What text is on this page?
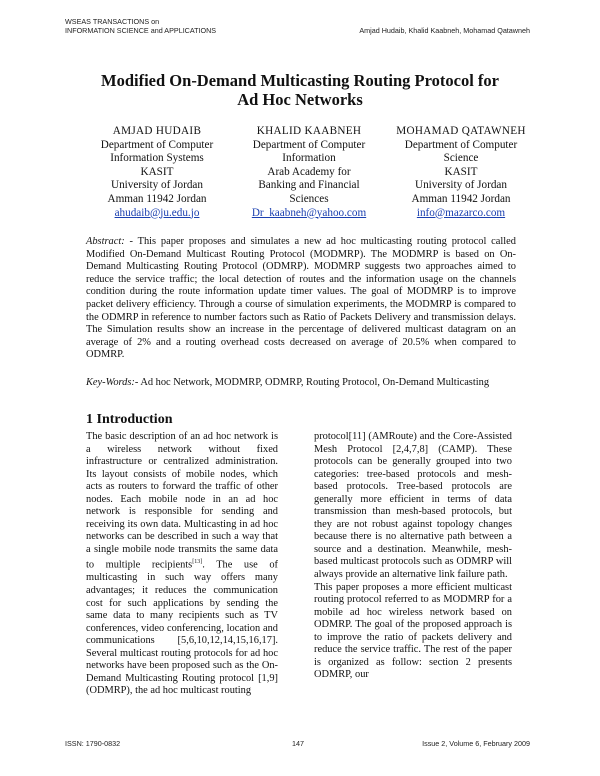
WSEAS TRANSACTIONS on
INFORMATION SCIENCE and APPLICATIONS	Amjad Hudaib, Khalid Kaabneh, Mohamad Qatawneh
Modified On-Demand Multicasting Routing Protocol for
Ad Hoc Networks
AMJAD HUDAIB
Department of Computer
Information Systems
KASIT
University of Jordan
Amman 11942 Jordan
ahudaib@ju.edu.jo
KHALID KAABNEH
Department of Computer
Information
Arab Academy for
Banking and Financial
Sciences
Dr_kaabneh@yahoo.com
MOHAMAD QATAWNEH
Department of Computer
Science
KASIT
University of Jordan
Amman 11942 Jordan
info@mazarco.com
Abstract: - This paper proposes and simulates a new ad hoc multicasting routing protocol called Modified On-Demand Multicast Routing Protocol (MODMRP). The MODMRP is based on On-Demand Multicasting Routing Protocol (ODMRP). MODMRP suggests two approaches aimed to reduce the service traffic; the local detection of routes and the information usage on the channels condition during the route information update timer values. The goal of MODMRP is to improve packet delivery efficiency. Through a course of simulation experiments, the MODMRP is compared to the ODMRP in reference to number factors such as Ratio of Packets Delivery and transmission delays. The Simulation results show an increase in the percentage of delivered multicast datagram on an average of 2% and a routing overhead costs decreased on average of 20.5% when compared to ODMRP.
Key-Words:- Ad hoc Network, MODMRP, ODMRP, Routing Protocol, On-Demand Multicasting
1 Introduction

The basic description of an ad hoc network is a wireless network without fixed infrastructure or centralized administration. Its layout consists of mobile nodes, which acts as routers to forward the traffic of other nodes. Each mobile node in an ad hoc network is responsible for sending and receiving its own data. Multicasting in ad hoc networks can be described in such a way that a single mobile node transmits the same data to multiple recipients[13]. The use of multicasting in such way offers many advantages; it reduces the communication cost for such applications by sending the same data to many recipients such as TV conferences, video conferencing, location and communications [5,6,10,12,14,15,16,17]. Several multicast routing protocols for ad hoc networks have been proposed such as the On-Demand Multicasting Routing protocol [1,9] (ODMRP), the ad hoc multicast routing

protocol[11] (AMRoute) and the Core-Assisted Mesh Protocol [2,4,7,8] (CAMP). These protocols can be generally grouped into two categories: tree-based protocols and mesh-based protocols. Tree-based protocols are generally more efficient in terms of data transmission than mesh-based protocols, but they are not robust against topology changes because there is no alternative path between a source and a destination. Meanwhile, mesh-based multicast protocols such as ODMRP will always provide an alternative link failure path.

This paper proposes a more efficient multicast routing protocol referred to as MODMRP for a mobile ad hoc wireless network based on ODMRP. The goal of the proposed approach is to improve the ratio of packets delivery and reduce the service traffic. The rest of the paper is organized as follow: section 2 presents ODMRP, our

ISSN: 1790-0832	147	Issue 2, Volume 6, February 2009
